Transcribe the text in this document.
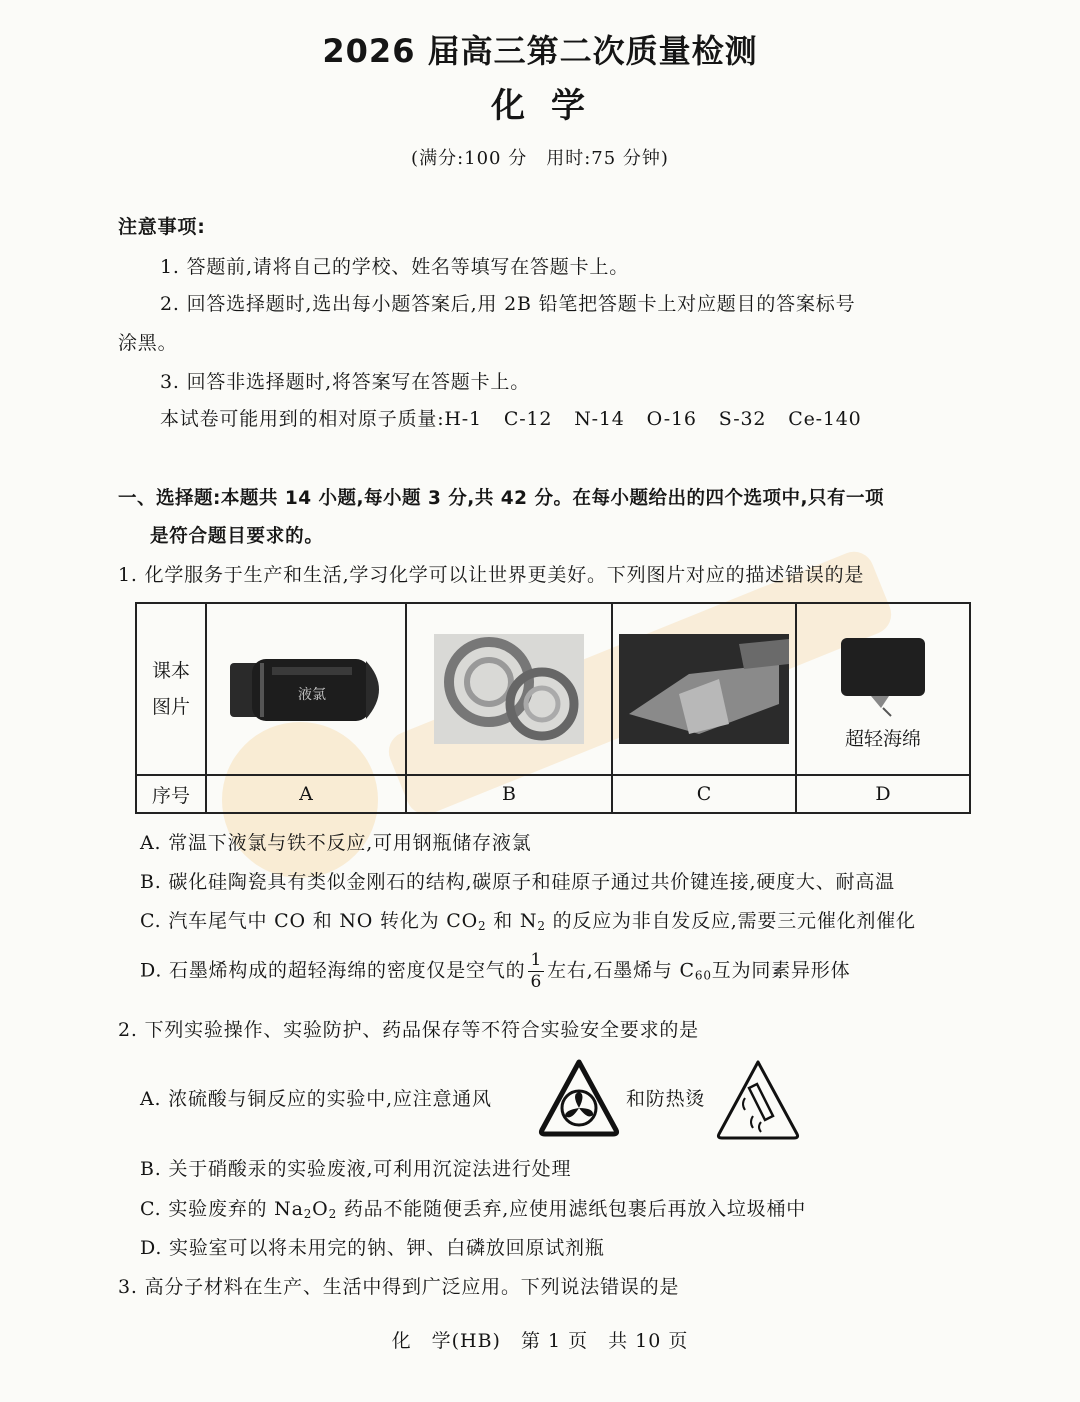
2026 届高三第二次质量检测
化学
(满分:100 分　用时:75 分钟)
注意事项:
1. 答题前,请将自己的学校、姓名等填写在答题卡上。
2. 回答选择题时,选出每小题答案后,用 2B 铅笔把答题卡上对应题目的答案标号
涂黑。
3. 回答非选择题时,将答案写在答题卡上。
本试卷可能用到的相对原子质量:H-1 C-12 N-14 O-16 S-32 Ce-140
一、选择题:本题共 14 小题,每小题 3 分,共 42 分。在每小题给出的四个选项中,只有一项
是符合题目要求的。
1. 化学服务于生产和生活,学习化学可以让世界更美好。下列图片对应的描述错误的是
课本
图片	液氯			超轻海绵

序号	A	B	C	D
A. 常温下液氯与铁不反应,可用钢瓶储存液氯
B. 碳化硅陶瓷具有类似金刚石的结构,碳原子和硅原子通过共价键连接,硬度大、耐高温
C. 汽车尾气中 CO 和 NO 转化为 $CO_2$ 和 $N_2$ 的反应为非自发反应,需要三元催化剂催化
D. 石墨烯构成的超轻海绵的密度仅是空气的 $\frac{1}{6}$ 左右,石墨烯与 $C_{60}$互为同素异形体
2. 下列实验操作、实验防护、药品保存等不符合实验安全要求的是
A. 浓硫酸与铜反应的实验中,应注意通风	和防热烫
B. 关于硝酸汞的实验废液,可利用沉淀法进行处理
C. 实验废弃的 $Na_2O_2$ 药品不能随便丢弃,应使用滤纸包裹后再放入垃圾桶中
D. 实验室可以将未用完的钠、钾、白磷放回原试剂瓶
3. 高分子材料在生产、生活中得到广泛应用。下列说法错误的是
化　学(HB)　第 1 页　共 10 页
